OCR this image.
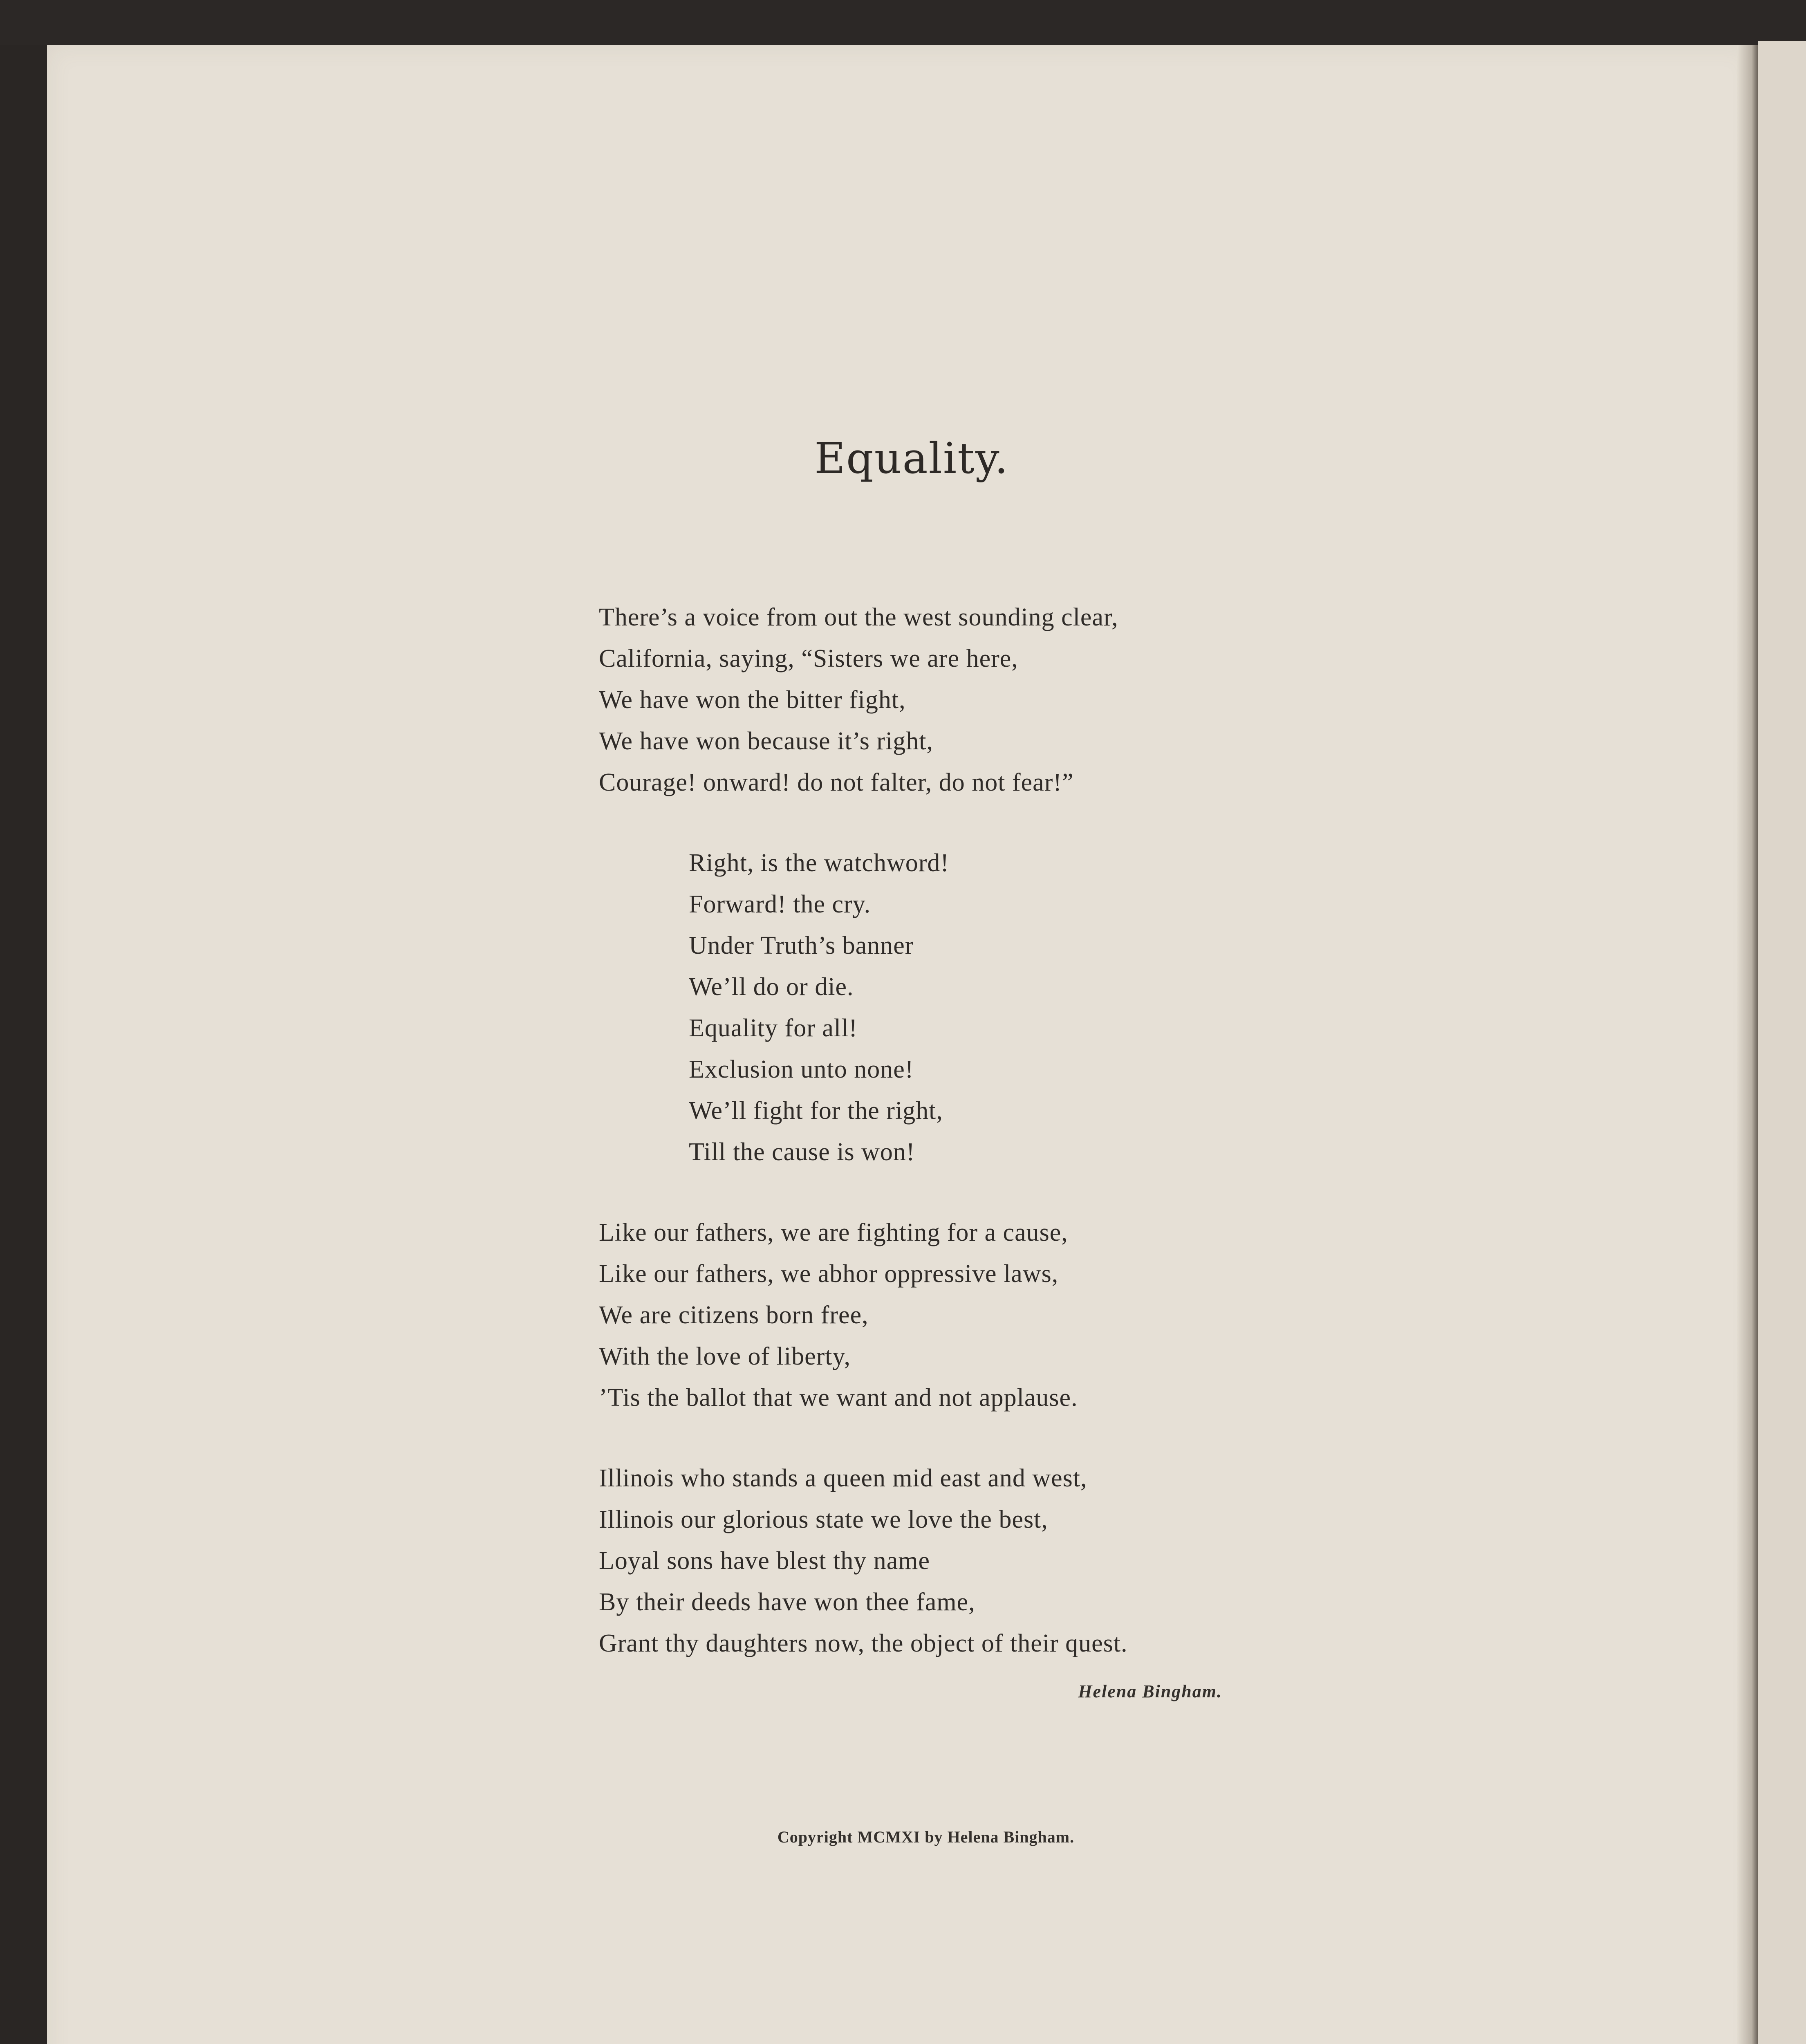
Equality.
There’s a voice from out the west sounding clear,
California, saying, “Sisters we are here,
We have won the bitter fight,
We have won because it’s right,
Courage! onward! do not falter, do not fear!”
Right, is the watchword!
Forward! the cry.
Under Truth’s banner
We’ll do or die.
Equality for all!
Exclusion unto none!
We’ll fight for the right,
Till the cause is won!
Like our fathers, we are fighting for a cause,
Like our fathers, we abhor oppressive laws,
We are citizens born free,
With the love of liberty,
’Tis the ballot that we want and not applause.
Illinois who stands a queen mid east and west,
Illinois our glorious state we love the best,
Loyal sons have blest thy name
By their deeds have won thee fame,
Grant thy daughters now, the object of their quest.
Helena Bingham.
Copyright MCMXI by Helena Bingham.
